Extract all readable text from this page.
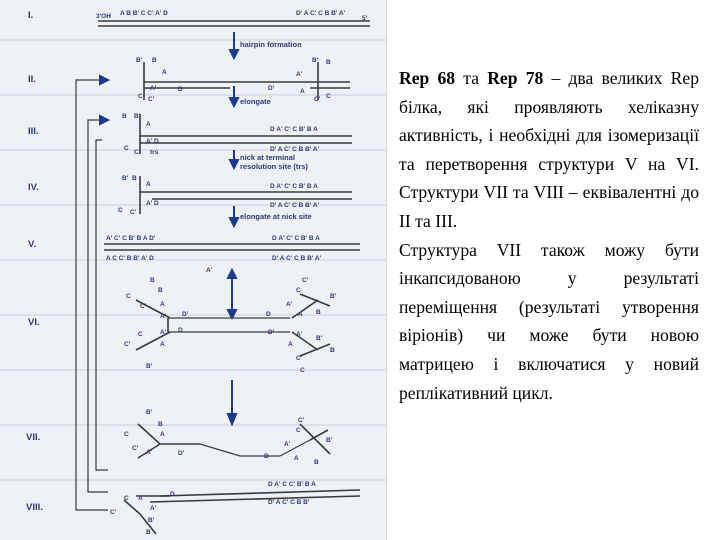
I.
II.
III.
IV.
V.
VI.
VII.
VIII.
3'OH A B B' C C' A' D	D' A C' C B B' A'
5'
hairpin formation
B' B
A
A'
C C'
D	D'
A'
B' B
A
C' C
elongate
B B'
A
A' D
C
C' trs
D A' C' C B' B A
D' A C' C B B' A'
nick at terminal
resolution site (trs)
B' B
A
A' D
C C'
D A' C' C B' B A
D' A C' C B B' A'
elongate at nick site
A' C' C B' B A D'
A C C' B B' A' D
D A' C' C B' B A
D' A C' C B B' A'
A'
B
B
C
C' A
A' D'
C
C'
A'
A
D
B'
D
D'
A'
A
A
A'
C'
C
B'
B
B'
B
C'
C
B'
B
C
C'
A'
A
D'	D
A'
A
C'
C
B'
B
C
C'
A
A'
D
B'
B
D A' C C' B' B A
D' A C' C B B'

Rep 68 та Rep 78 – два великих Rep білка, які проявляють хеліказну активність, і необхідні для ізомеризації та перетворення структури V на VI. Структури VII та VIII – еквівалентні до II та III.

Структура VII також можу бути інкапсидованою у результаті переміщення (результаті утворення віріонів) чи може бути новою матрицею і включатися у новий реплікативний цикл.
